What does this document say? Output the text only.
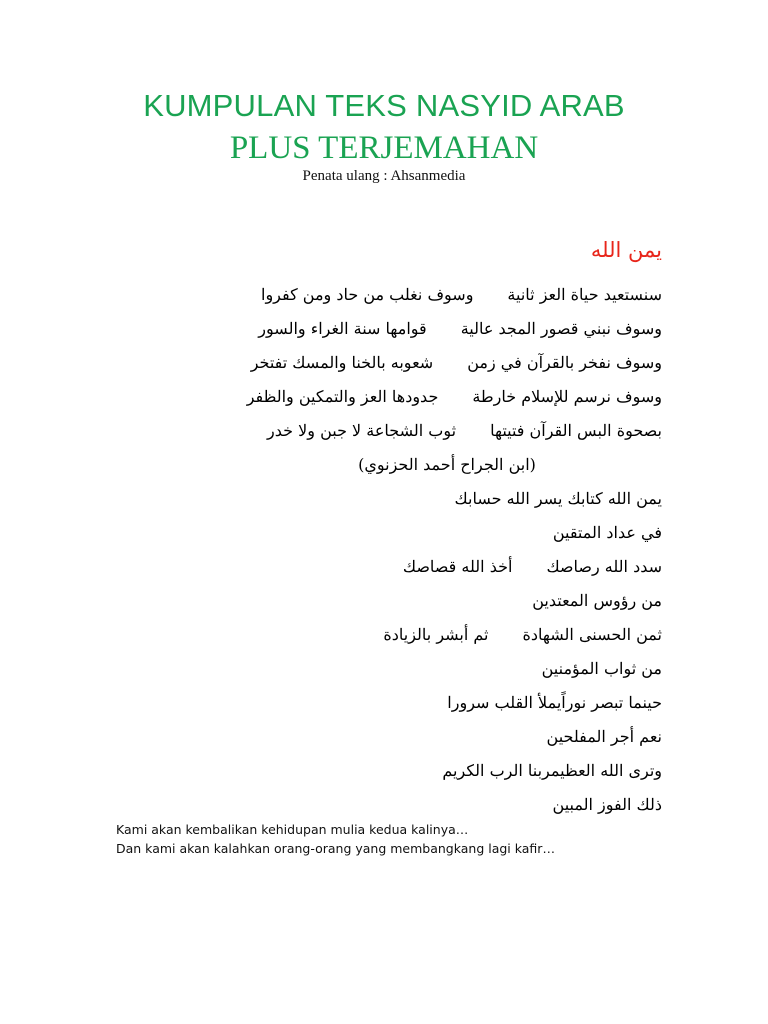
KUMPULAN TEKS NASYID ARAB
PLUS TERJEMAHAN
Penata ulang : Ahsanmedia
يمن الله
سنستعيد حياة العز ثانية
وسوف نغلب من حاد ومن كفروا
وسوف نبني قصور المجد عالية
قوامها سنة الغراء والسور
وسوف نفخر بالقرآن في زمن
شعوبه بالخنا والمسك تفتخر
وسوف نرسم للإسلام خارطة
جدودها العز والتمكين والظفر
بصحوة البس القرآن فتيتها
ثوب الشجاعة لا جبن ولا خدر
(ابن الجراح أحمد الحزنوي)
يمن الله كتابك يسر الله حسابك
في عداد المتقين
سدد الله رصاصك
أخذ الله قصاصك
من رؤوس المعتدين
ثمن الحسنى الشهادة
ثم أبشر بالزيادة
من ثواب المؤمنين
حينما تبصر نوراًيملأ القلب سرورا
نعم أجر المفلحين
وترى الله العظيمربنا الرب الكريم
ذلك الفوز المبين
Kami akan kembalikan kehidupan mulia kedua kalinya…
Dan kami akan kalahkan orang-orang yang membangkang lagi kafir…
